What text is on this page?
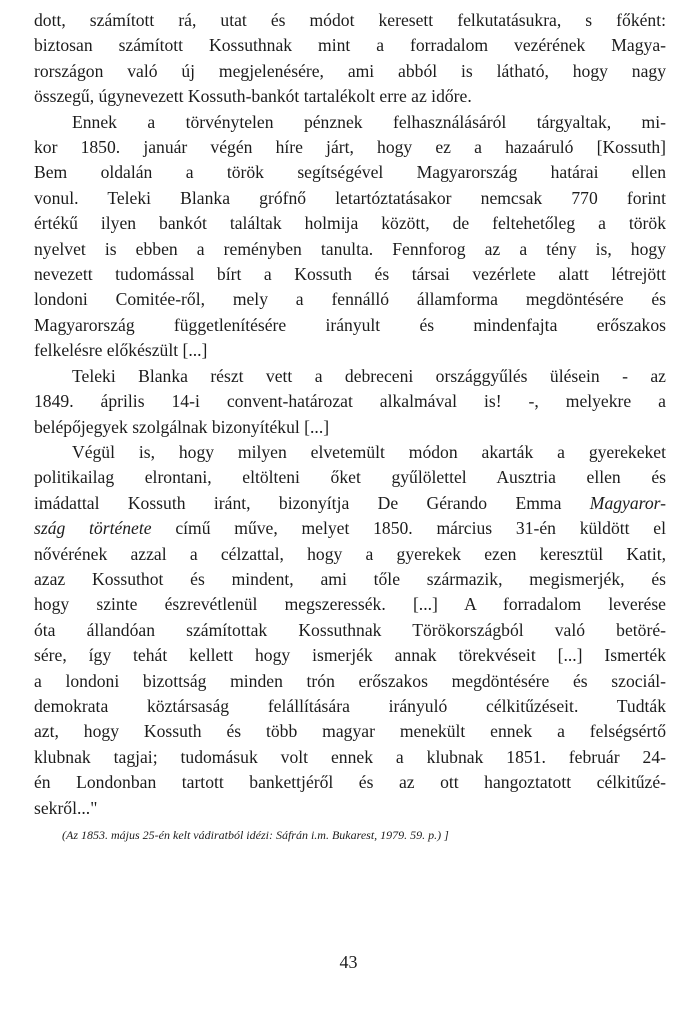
dott, számított rá, utat és módot keresett felkutatásukra, s főként:
biztosan számított Kossuthnak mint a forradalom vezérének Magya-
rországon való új megjelenésére, ami abból is látható, hogy nagy
összegű, úgynevezett Kossuth-bankót tartalékolt erre az időre.
Ennek a törvénytelen pénznek felhasználásáról tárgyaltak, mi-
kor 1850. január végén híre járt, hogy ez a hazaáruló [Kossuth]
Bem oldalán a török segítségével Magyarország határai ellen
vonul. Teleki Blanka grófnő letartóztatásakor nemcsak 770 forint
értékű ilyen bankót találtak holmija között, de feltehetőleg a török
nyelvet is ebben a reményben tanulta. Fennforog az a tény is, hogy
nevezett tudomással bírt a Kossuth és társai vezérlete alatt létrejött
londoni Comitée-ről, mely a fennálló államforma megdöntésére és
Magyarország függetlenítésére irányult és mindenfajta erőszakos
felkelésre előkészült [...]
Teleki Blanka részt vett a debreceni országgyűlés ülésein - az
1849. április 14-i convent-határozat alkalmával is! -, melyekre a
belépőjegyek szolgálnak bizonyítékul [...]
Végül is, hogy milyen elvetemült módon akarták a gyerekeket
politikailag elrontani, eltölteni őket gyűlölettel Ausztria ellen és
imádattal Kossuth iránt, bizonyítja De Gérando Emma Magyaror-
szág története című műve, melyet 1850. március 31-én küldött el
nővérének azzal a célzattal, hogy a gyerekek ezen keresztül Katit,
azaz Kossuthot és mindent, ami tőle származik, megismerjék, és
hogy szinte észrevétlenül megszeressék. [...] A forradalom leverése
óta állandóan számítottak Kossuthnak Törökországból való betöré-
sére, így tehát kellett hogy ismerjék annak törekvéseit [...] Ismerték
a londoni bizottság minden trón erőszakos megdöntésére és szociál-
demokrata köztársaság felállítására irányuló célkitűzéseit. Tudták
azt, hogy Kossuth és több magyar menekült ennek a felségsértő
klubnak tagjai; tudomásuk volt ennek a klubnak 1851. február 24-
én Londonban tartott bankettjéről és az ott hangoztatott célkitűzé-
sekről..."
(Az 1853. május 25-én kelt vádiratból idézi: Sáfrán i.m. Bukarest, 1979. 59. p.) ]
43
